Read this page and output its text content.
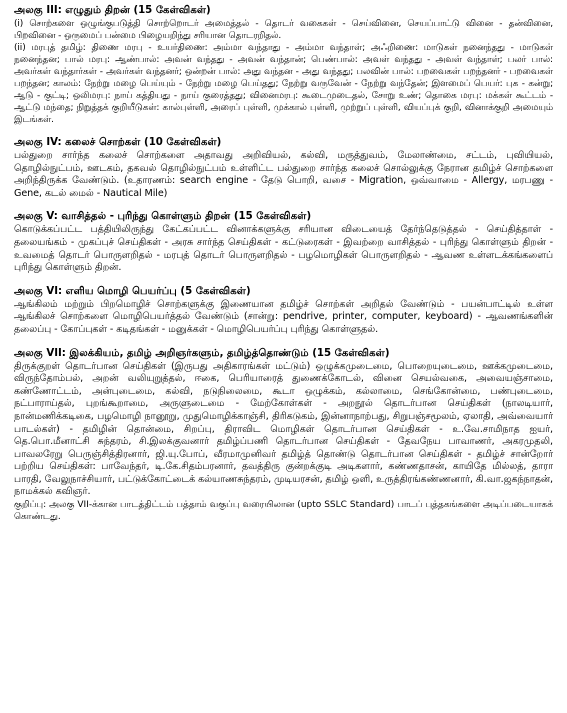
அலகு III: எழுதும் திறன் (15 கேள்விகள்)

(i) சொற்களை ஒழுங்குபடுத்தி சொற்றொடர் அமைத்தல் - தொடர் வகைகள் - செய்வினை, செயப்பாட்டு வினை - தன்வினை, பிறவினை - ஒருமைப் பன்மை பிழையறிந்து சரியான தொடரறிதல்.

(ii) மரபுத் தமிழ்: திணை மரபு - உயர்திணை: அம்மா வந்தாது - அம்மா வந்தாள்; அஃறிணை: மாடுகள் நனைந்தது - மாடுகள் நனைந்தன; பால் மரபு: ஆண்பால்: அவன் வந்தது - அவன் வந்தான்; பெண்பால்: அவள் வந்தது - அவள் வந்தாள்; பலர் பால்: அவர்கள் வந்தார்கள் - அவர்கள் வந்தனர்; ஒன்றன் பால்: அது வந்தன - அது வந்தது; பலவின் பால்: பறவைகள் பறந்தனர் - பறவைகள் பறந்தன; காலம்: நேற்று மழை பெய்யும் - நேற்று மழை பெய்தது; நேற்று வருவேன் - நேற்று வந்தேன்; இளமைப் பெயர்: புக - கன்று; ஆடு - குட்டி; ஒலிமரபு: நாய் கத்தியது - நாய் குரைத்தது; வினைமரபு: கூடைமுடைதல், சோறு உண்; தொகை மரபு: மக்கள் கூட்டம் - ஆட்டு மந்தை; நிறுத்தக் குறியீடுகள்: கால்புள்ளி, அரைப் புள்ளி, முக்கால் புள்ளி, முற்றுப் புள்ளி, வியப்புக் குறி, வினாக்குறி அமையும் இடங்கள்.

அலகு IV: கலைச் சொற்கள் (10 கேள்விகள்)

பல்துறை சார்ந்த கலைச் சொற்களை அதாவது அறிவியல், கல்வி, மருத்துவம், மேலாண்மை, சட்டம், புவியியல், தொழில்நுட்பம், ஊடகம், தகவல் தொழில்நுட்பம் உள்ளிட்ட பல்துறை சார்ந்த கலைச் சொல்லுக்கு நேரான தமிழ்ச் சொற்களை அறிந்திருக்க வேண்டும். (உதாரணம்: search engine - தேடு பொறி, வசை - Migration, ஒவ்வாமை - Allergy, மரபணு - Gene, கடல் மைல் - Nautical Mile)

அலகு V: வாசித்தல் - புரிந்து கொள்ளும் திறன் (15 கேள்விகள்)

கொடுக்கப்பட்ட பத்தியிலிருந்து கேட்கப்பட்ட வினாக்களுக்கு சரியான விடையைத் தேர்ந்தெடுத்தல் - செய்தித்தாள் - தலையங்கம் - முகப்புச் செய்திகள் - அரசு சார்ந்த செய்திகள் - கட்டுரைகள் - இவற்றை வாசித்தல் - புரிந்து கொள்ளும் திறன் - உவமைத் தொடர் பொருளறிதல் - மரபுத் தொடர் பொருளறிதல் - பழமொழிகள் பொருளறிதல் - ஆவண உள்ளடக்கங்களைப் புரிந்து கொள்ளும் திறன்.

அலகு VI: எளிய மொழி பெயர்ப்பு (5 கேள்விகள்)

ஆங்கிலம் மற்றும் பிறமொழிச் சொற்களுக்கு இணையான தமிழ்ச் சொற்கள் அறிதல் வேண்டும் - பயன்பாட்டில் உள்ள ஆங்கிலச் சொற்களை மொழிபெயர்த்தல் வேண்டும் (சான்று: pendrive, printer, computer, keyboard) - ஆவணங்களின் தலைப்பு - கோப்புகள் - கடிதங்கள் - மனுக்கள் - மொழிபெயர்ப்பு புரிந்து கொள்ளுதல்.

அலகு VII: இலக்கியம், தமிழ் அறிஞர்களும், தமிழ்த்தொண்டும் (15 கேள்விகள்)

திருக்குறள் தொடர்பான செய்திகள் (இருபது அதிகாரங்கள் மட்டும்) ஒழுக்கமுடைமை, பொறையுடைமை, ஊக்கமுடைமை, விருந்தோம்பல், அறன் வலியுறுத்தல், ஈகை, பெரியாரைத் துணைக்கோடல், வினை செயல்வகை, அவையஞ்சாமை, கண்ணோட்டம், அன்புடைமை, கல்வி, நடுநிலைமை, கூடா ஒழுக்கம், கல்லாமை, செங்கோன்மை, பண்புடைமை, நட்பாராய்தல், புறங்கூறாமை, அருளுடைமை - மேற்கோள்கள் - அறநூல் தொடர்பான செய்திகள் (நாலடியார், நான்மணிக்கடிகை, பழமொழி நானூறு, முதுமொழிக்காஞ்சி, திரிகடுகம், இன்னாநாற்பது, சிறுபஞ்சமூலம், ஏலாதி, அவ்வையார் பாடல்கள்) - தமிழின் தொன்மை, சிறப்பு, திராவிட மொழிகள் தொடர்பான செய்திகள் - உ.வே.சாமிநாத ஐயர், தெ.பொ.மீனாட்சி சுந்தரம், சி.இலக்குவனார் தமிழ்ப்பணி தொடர்பான செய்திகள் - தேவநேய பாவாணர், அகரமுதலி, பாவலரேறு பெருஞ்சித்திரனார், ஜி.யு.போப், வீரமாமுனிவர் தமிழ்த் தொண்டு தொடர்பான செய்திகள் - தமிழ்ச் சான்றோர் பற்றிய செய்திகள்: பாவேந்தர், டி.கே.சிதம்பரனார், தவத்திரு குன்றக்குடி அடிகளார், கண்ணதாசன், காயிதே மில்லத், தாரா பாரதி, வேலுநாச்சியார், பட்டுக்கோட்டைக் கல்யாணசுந்தரம், முடியரசன், தமிழ் ஒளி, உருத்திரங்கண்ணனார், கி.வா.ஜகந்நாதன், நாமக்கல் கவிஞர்.

குறிப்பு: அலகு VII-க்கான பாடத்திட்டம் பத்தாம் வகுப்பு வரையிலான (upto SSLC Standard) பாடப் புத்தகங்களை அடிப்படையாகக் கொண்டது.
